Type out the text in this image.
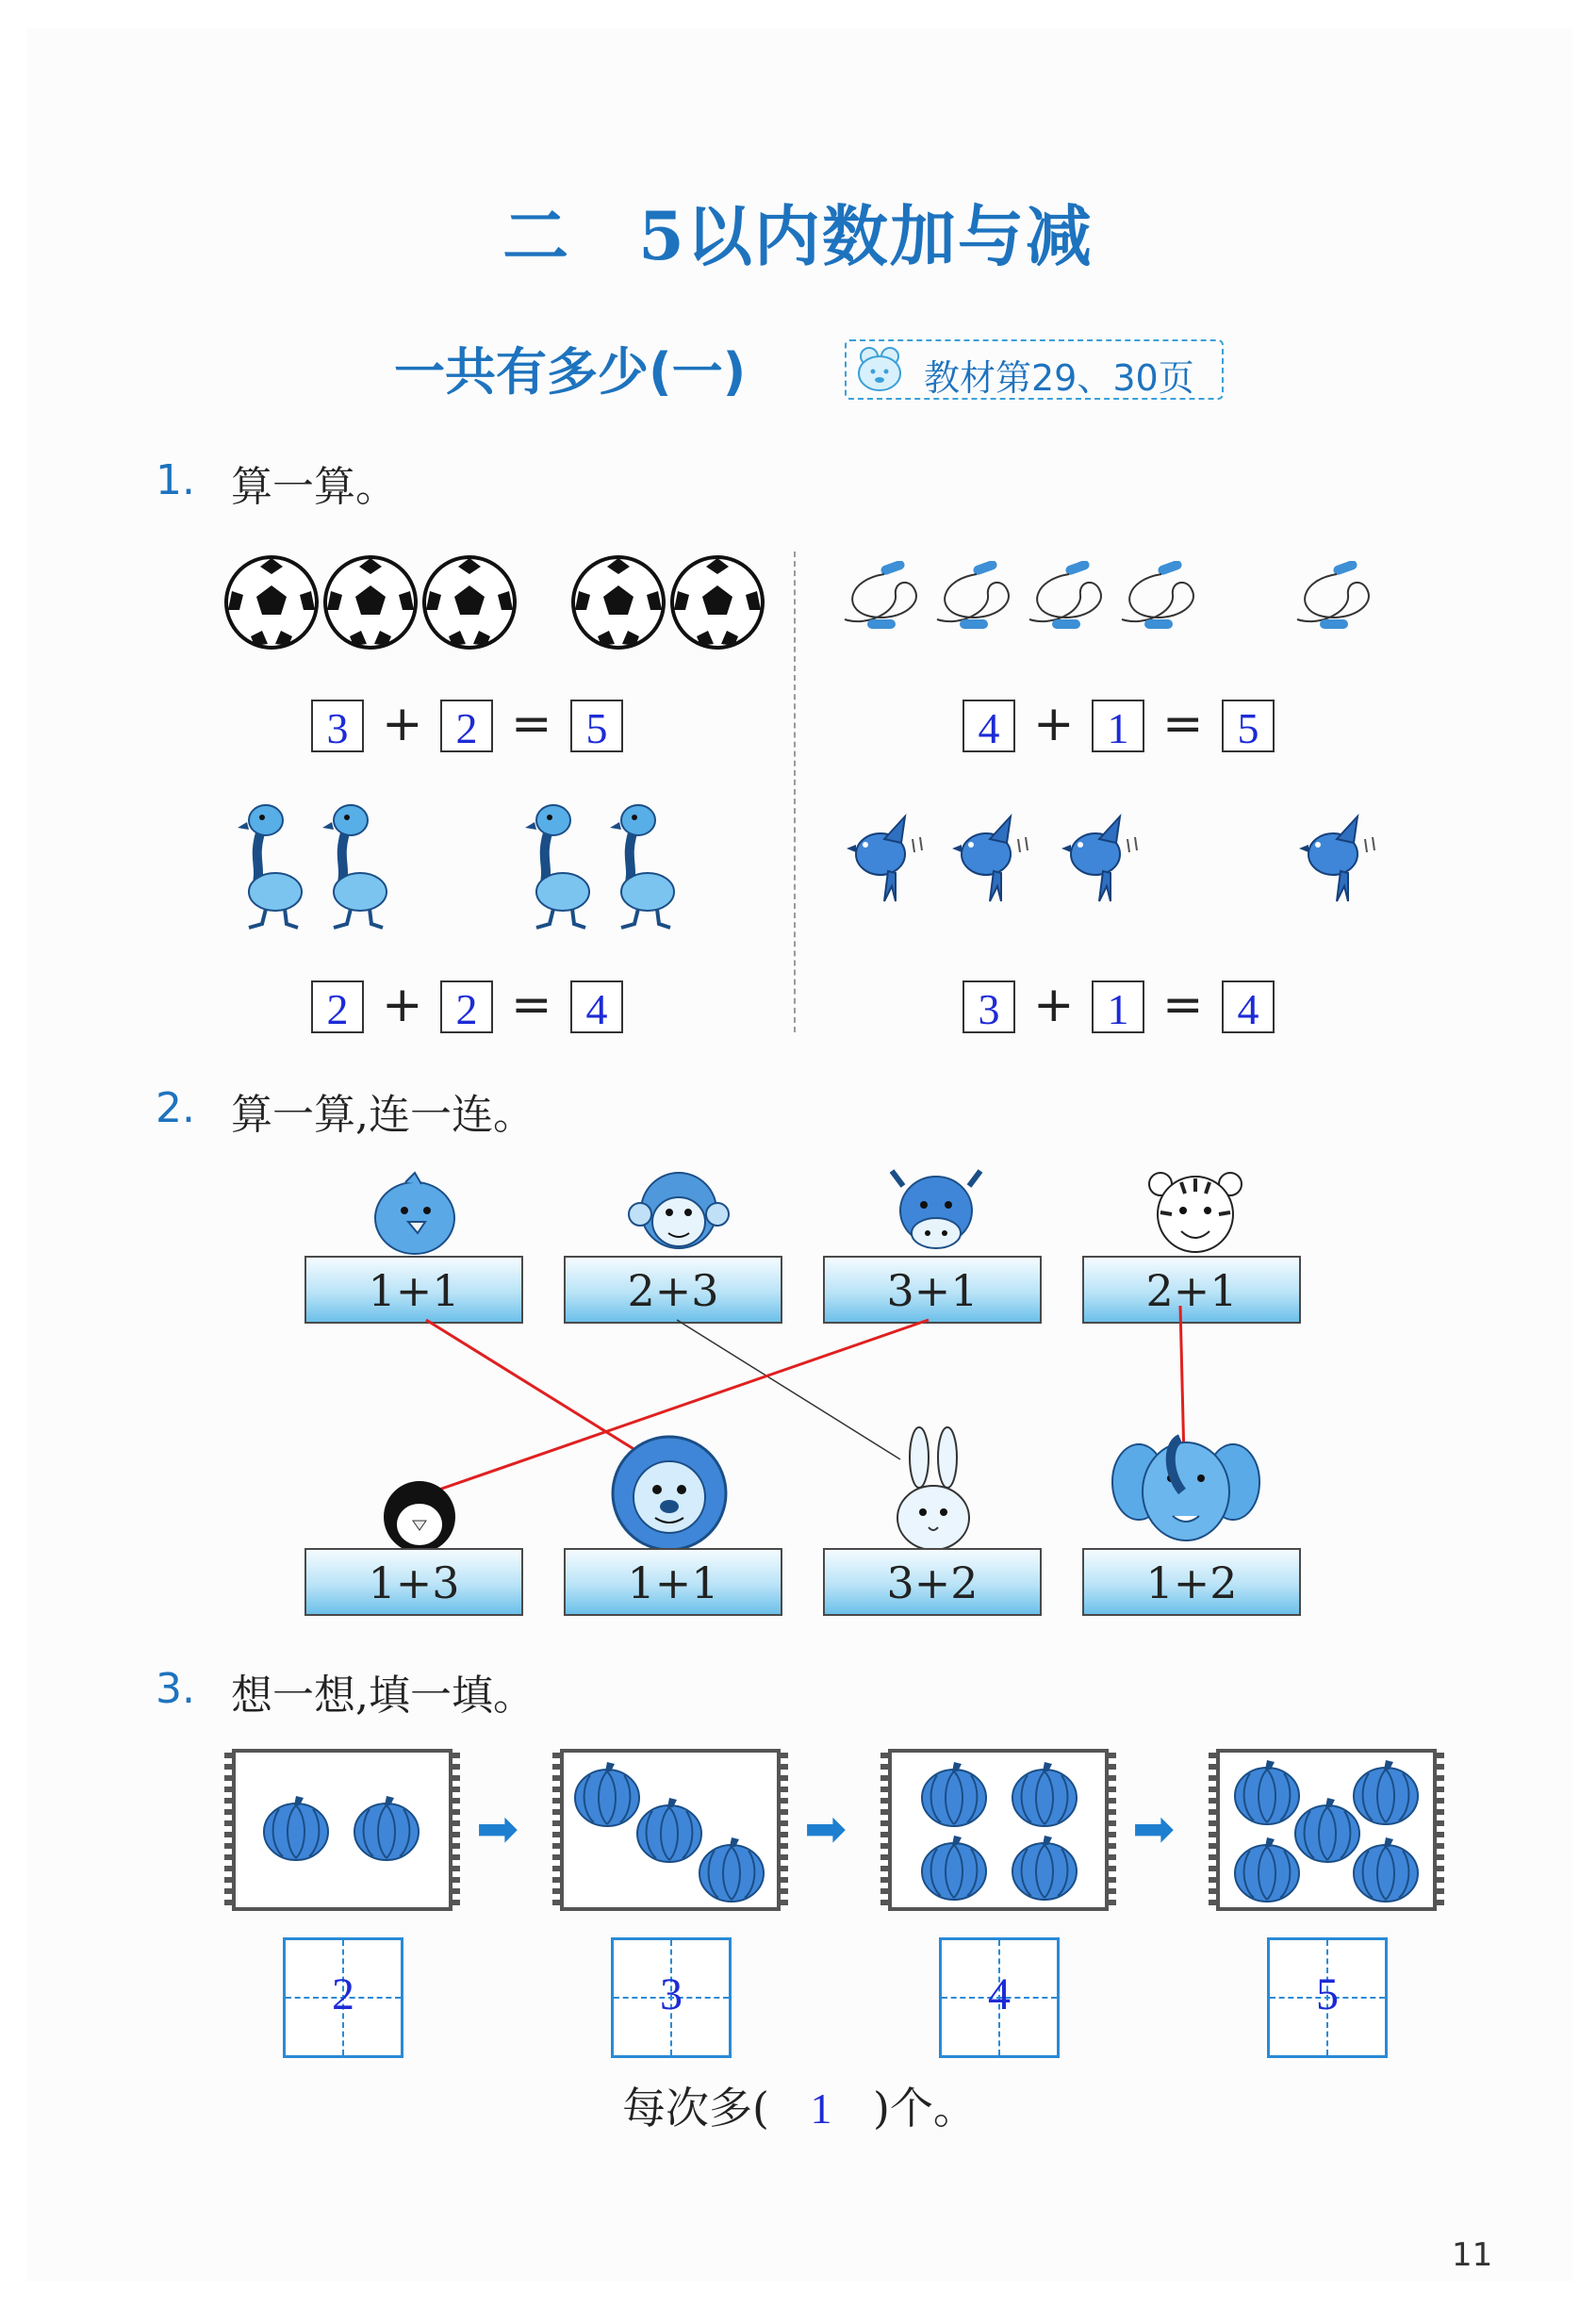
二　5以内数加与减
一共有多少(一)	教材第29、30页
1. 算一算。
3 + 2 = 5	4 + 1 = 5
2 + 2 = 4	3 + 1 = 4
2. 算一算,连一连。
1+1	2+3	3+1	2+1
1+3	1+1	3+2	1+2
3. 想一想,填一填。
➡	➡	➡
2	3	4	5
每次多( 1 )个。
11
